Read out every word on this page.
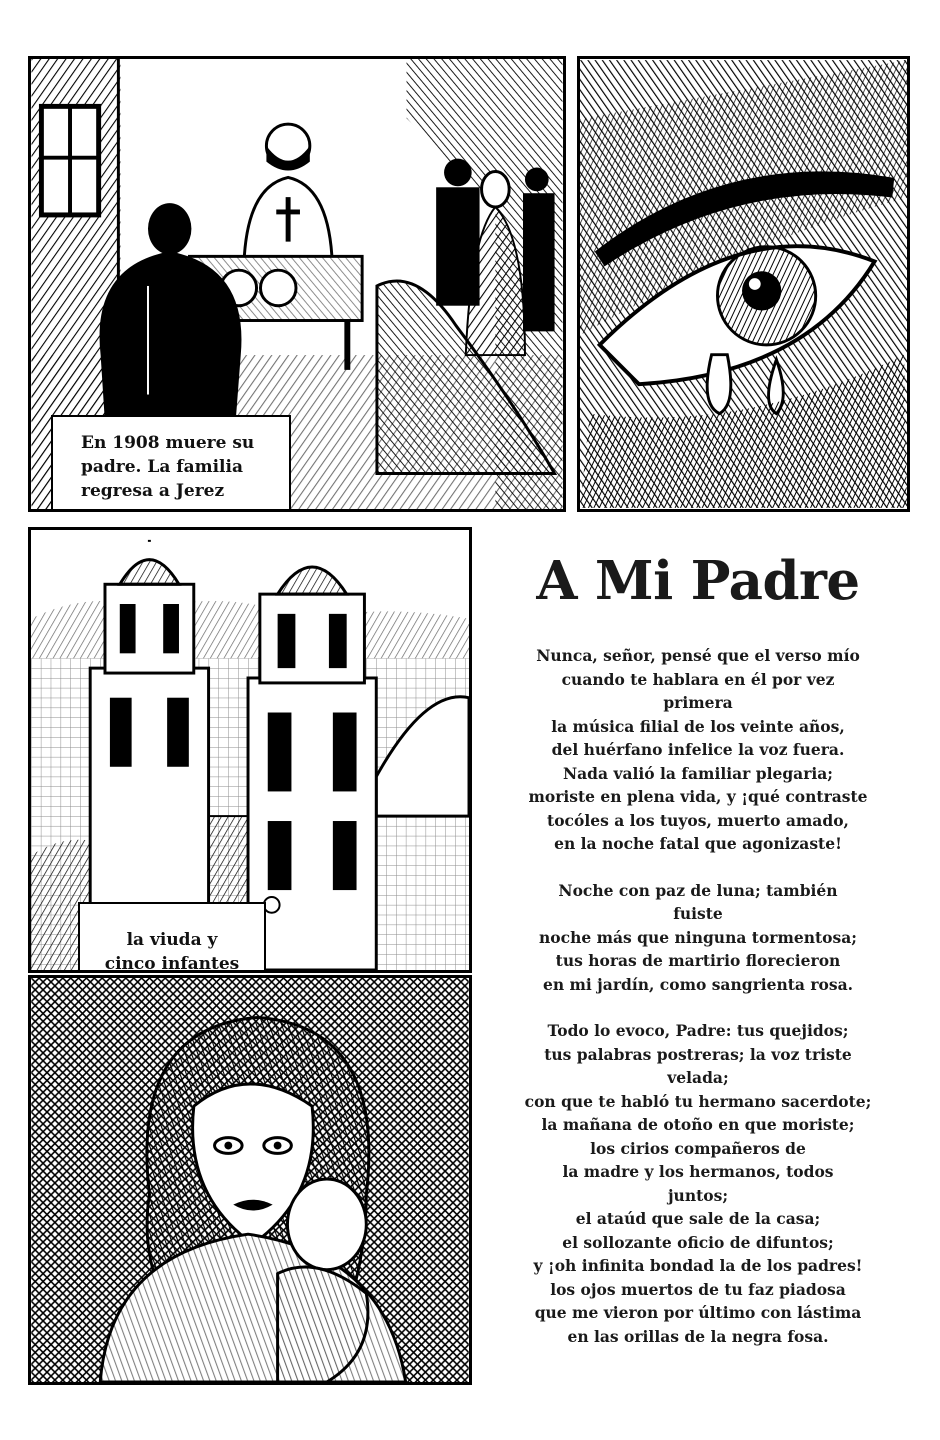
En 1908 muere su
padre. La familia
regresa a Jerez
la viuda y
cinco infantes
A Mi Padre

Nunca, señor, pensé que el verso mío
cuando te hablara en él por vez
primera
la música filial de los veinte años,
del huérfano infelice la voz fuera.
Nada valió la familiar plegaria;
moriste en plena vida, y ¡qué contraste
tocóles a los tuyos, muerto amado,
en la noche fatal que agonizaste!

Noche con paz de luna; también
fuiste
noche más que ninguna tormentosa;
tus horas de martirio florecieron
en mi jardín, como sangrienta rosa.

Todo lo evoco, Padre: tus quejidos;
tus palabras postreras; la voz triste
velada;
con que te habló tu hermano sacerdote;
la mañana de otoño en que moriste;
los cirios compañeros de
la madre y los hermanos, todos
juntos;
el ataúd que sale de la casa;
el sollozante oficio de difuntos;
y ¡oh infinita bondad la de los padres!
los ojos muertos de tu faz piadosa
que me vieron por último con lástima
en las orillas de la negra fosa.
